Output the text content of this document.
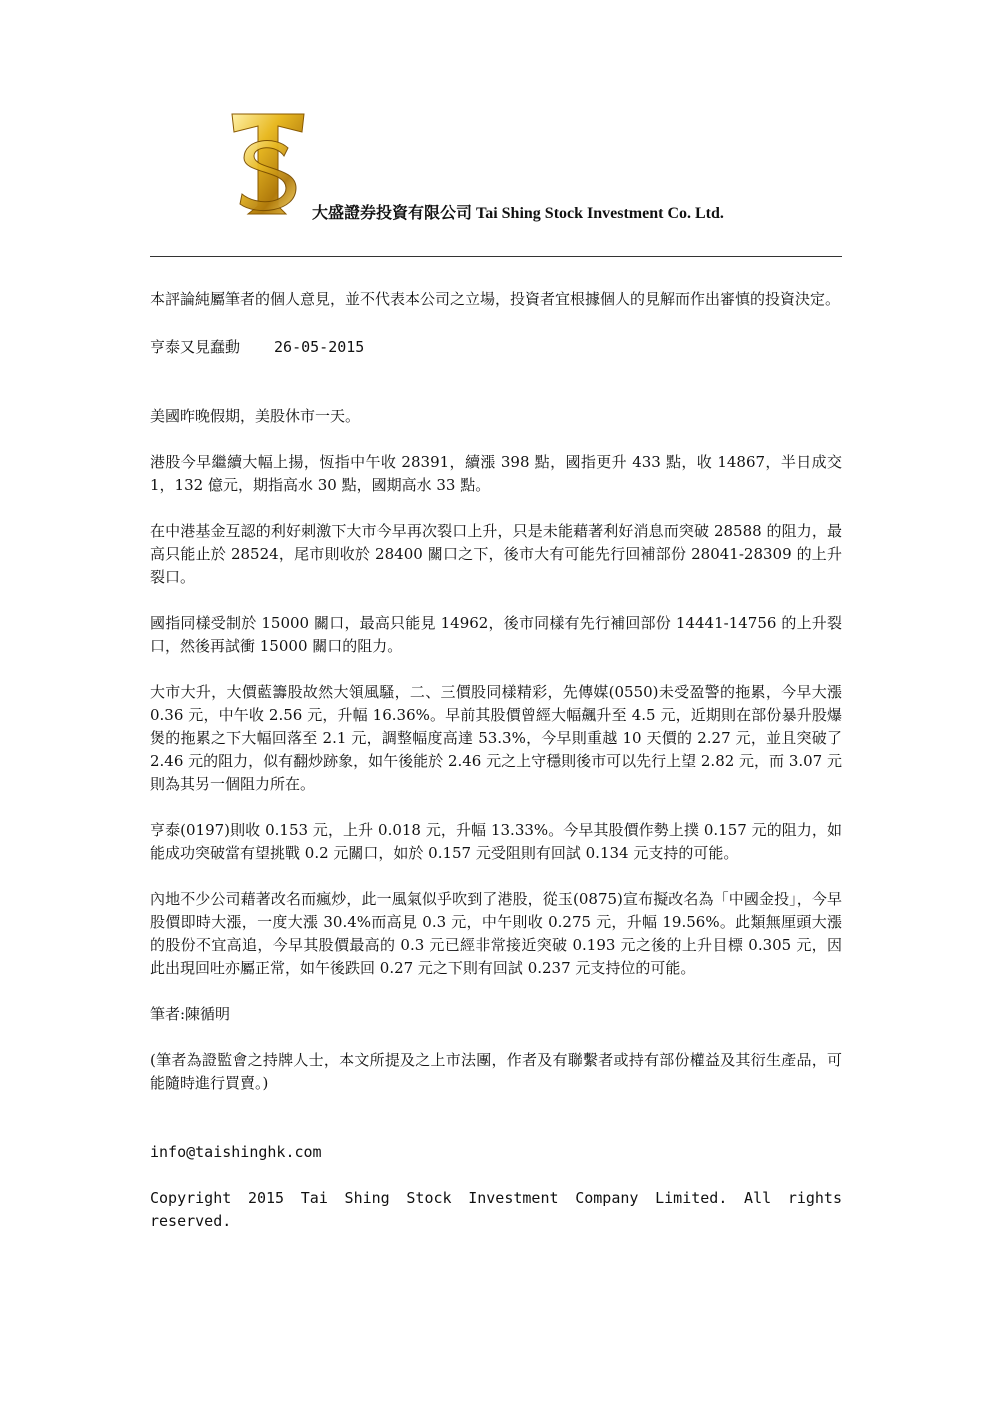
大盛證券投資有限公司 Tai Shing Stock Investment Co. Ltd.

本評論純屬筆者的個人意見，並不代表本公司之立場，投資者宜根據個人的見解而作出審慎的投資決定。

亨泰又見蠢動 26-05-2015

美國昨晚假期，美股休市一天。

港股今早繼續大幅上揚，恆指中午收 28391，續漲 398 點，國指更升 433 點，收 14867，半日成交 1，132 億元，期指高水 30 點，國期高水 33 點。

在中港基金互認的利好刺激下大市今早再次裂口上升，只是未能藉著利好消息而突破 28588 的阻力，最高只能止於 28524，尾市則收於 28400 關口之下，後市大有可能先行回補部份 28041-28309 的上升裂口。

國指同樣受制於 15000 關口，最高只能見 14962，後市同樣有先行補回部份 14441-14756 的上升裂口，然後再試衝 15000 關口的阻力。

大市大升，大價藍籌股故然大領風騷，二、三價股同樣精彩，先傳媒(0550)未受盈警的拖累，今早大漲 0.36 元，中午收 2.56 元，升幅 16.36%。早前其股價曾經大幅飆升至 4.5 元，近期則在部份暴升股爆煲的拖累之下大幅回落至 2.1 元，調整幅度高達 53.3%，今早則重越 10 天價的 2.27 元，並且突破了 2.46 元的阻力，似有翻炒跡象，如午後能於 2.46 元之上守穩則後市可以先行上望 2.82 元，而 3.07 元則為其另一個阻力所在。

亨泰(0197)則收 0.153 元，上升 0.018 元，升幅 13.33%。今早其股價作勢上撲 0.157 元的阻力，如能成功突破當有望挑戰 0.2 元關口，如於 0.157 元受阻則有回試 0.134 元支持的可能。

內地不少公司藉著改名而瘋炒，此一風氣似乎吹到了港股，從玉(0875)宣布擬改名為「中國金投」，今早股價即時大漲，一度大漲 30.4%而高見 0.3 元，中午則收 0.275 元，升幅 19.56%。此類無厘頭大漲的股份不宜高追，今早其股價最高的 0.3 元已經非常接近突破 0.193 元之後的上升目標 0.305 元，因此出現回吐亦屬正常，如午後跌回 0.27 元之下則有回試 0.237 元支持位的可能。

筆者:陳循明

(筆者為證監會之持牌人士，本文所提及之上市法團，作者及有聯繫者或持有部份權益及其衍生產品，可能隨時進行買賣。)

info@taishinghk.com

Copyright 2015 Tai Shing Stock Investment Company Limited. All rights reserved.
